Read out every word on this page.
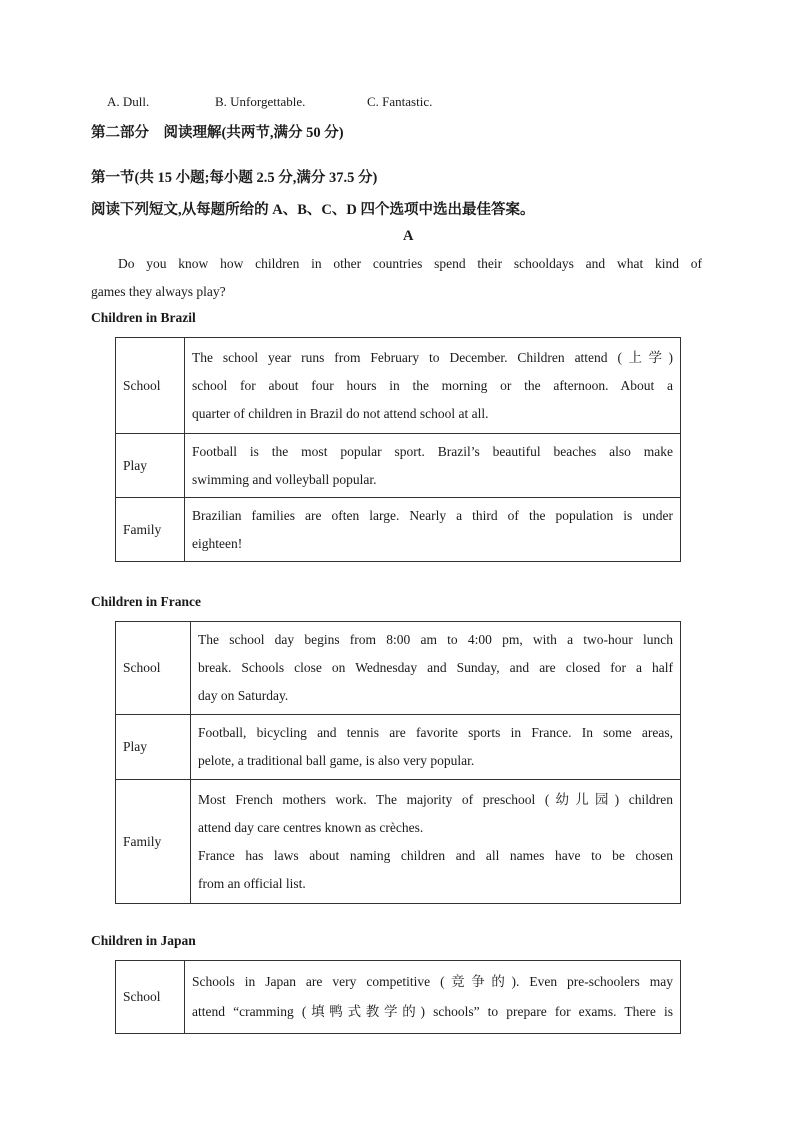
A. Dull.	B. Unforgettable.	C. Fantastic.
第二部分　阅读理解(共两节,满分 50 分)
第一节(共 15 小题;每小题 2.5 分,满分 37.5 分)
阅读下列短文,从每题所给的 A、B、C、D 四个选项中选出最佳答案。
A
Do you know how children in other countries spend their schooldays and what kind of
games they always play?
Children in Brazil
School	The school year runs from February to December. Children attend (上学)
school for about four hours in the morning or the afternoon. About a
quarter of children in Brazil do not attend school at all.

Play	Football is the most popular sport. Brazil’s beautiful beaches also make
swimming and volleyball popular.

Family	Brazilian families are often large. Nearly a third of the population is under
eighteen!
Children in France
School	The school day begins from 8:00 am to 4:00 pm, with a two-hour lunch
break. Schools close on Wednesday and Sunday, and are closed for a half
day on Saturday.

Play	Football, bicycling and tennis are favorite sports in France. In some areas,
pelote, a traditional ball game, is also very popular.

Family	Most French mothers work. The majority of preschool (幼儿园) children
attend day care centres known as crèches.
France has laws about naming children and all names have to be chosen
from an official list.
Children in Japan
School	
Schools in Japan are very competitive (竞争的). Even pre-schoolers may
attend “cramming (填鸭式教学的) schools” to prepare for exams. There is
